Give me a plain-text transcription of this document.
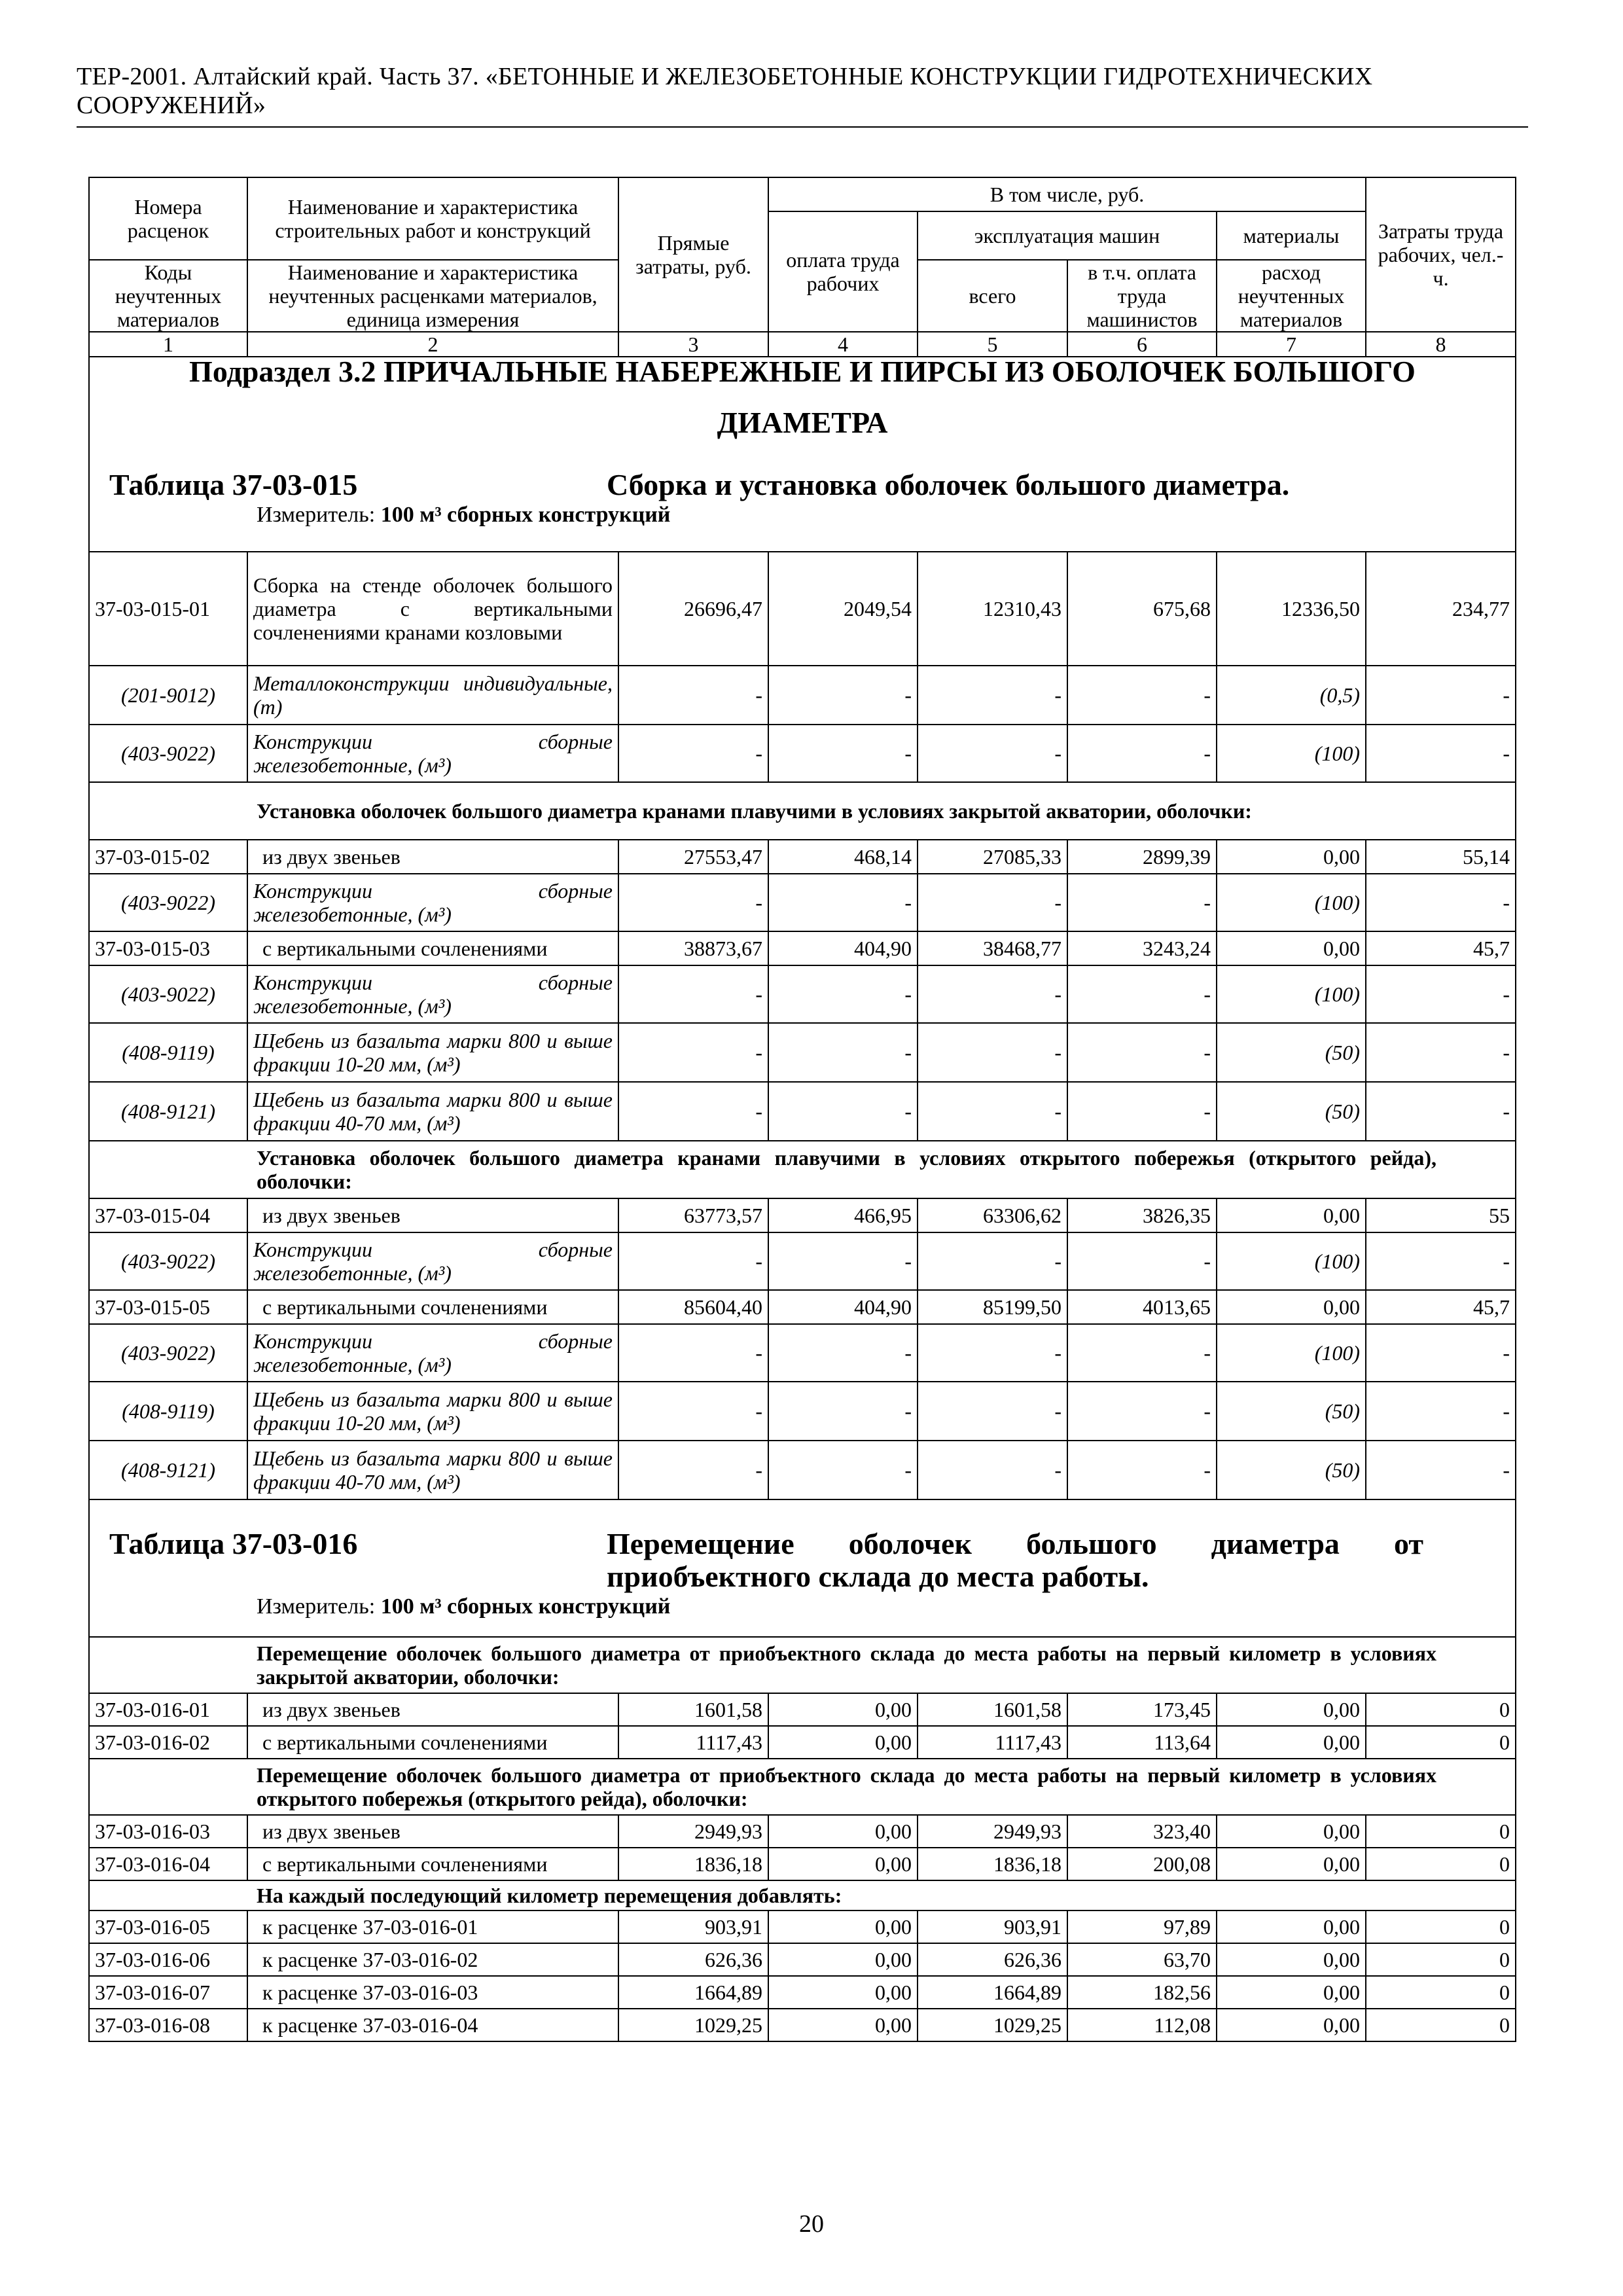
ТЕР-2001. Алтайский край. Часть 37. «БЕТОННЫЕ И ЖЕЛЕЗОБЕТОННЫЕ КОНСТРУКЦИИ ГИДРОТЕХНИЧЕСКИХ СООРУЖЕНИЙ»
Номера расценок	Наименование и характеристика строительных работ и конструкций	Прямые затраты, руб.	В том числе, руб.				Затраты труда рабочих, чел.-ч.
			оплата труда рабочих	эксплуатация машин		материалы	
Коды неучтенных материалов	Наименование и характеристика неучтенных расценками материалов, единица измерения			всего	в т.ч. оплата труда машинистов	расход неучтенных материалов	
1	2	3	4	5	6	7	8

Подраздел 3.2 ПРИЧАЛЬНЫЕ НАБЕРЕЖНЫЕ И ПИРСЫ ИЗ ОБОЛОЧЕК БОЛЬШОГО
ДИАМЕТРА
Таблица 37-03-015 Сборка и установка оболочек большого диаметра.
Измеритель: 100 м³ сборных конструкций							

37-03-015-01	Сборка на стенде оболочек большого диаметра с вертикальными сочленениями кранами козловыми	26696,47	2049,54	12310,43	675,68	12336,50	234,77
(201-9012)	Металлоконструкции индивидуальные, (т)	-	-	-	-	(0,5)	-
(403-9022)	Конструкции сборные железобетонные, (м³)	-	-	-	-	(100)	-
Установка оболочек большого диаметра кранами плавучими в условиях закрытой акватории, оболочки:							
37-03-015-02	из двух звеньев	27553,47	468,14	27085,33	2899,39	0,00	55,14
(403-9022)	Конструкции сборные железобетонные, (м³)	-	-	-	-	(100)	-
37-03-015-03	с вертикальными сочленениями	38873,67	404,90	38468,77	3243,24	0,00	45,7
(403-9022)	Конструкции сборные железобетонные, (м³)	-	-	-	-	(100)	-
(408-9119)	Щебень из базальта марки 800 и выше фракции 10-20 мм, (м³)	-	-	-	-	(50)	-
(408-9121)	Щебень из базальта марки 800 и выше фракции 40-70 мм, (м³)	-	-	-	-	(50)	-
Установка оболочек большого диаметра кранами плавучими в условиях открытого побережья (открытого рейда), оболочки:							
37-03-015-04	из двух звеньев	63773,57	466,95	63306,62	3826,35	0,00	55
(403-9022)	Конструкции сборные железобетонные, (м³)	-	-	-	-	(100)	-
37-03-015-05	с вертикальными сочленениями	85604,40	404,90	85199,50	4013,65	0,00	45,7
(403-9022)	Конструкции сборные железобетонные, (м³)	-	-	-	-	(100)	-
(408-9119)	Щебень из базальта марки 800 и выше фракции 10-20 мм, (м³)	-	-	-	-	(50)	-
(408-9121)	Щебень из базальта марки 800 и выше фракции 40-70 мм, (м³)	-	-	-	-	(50)	-

Таблица 37-03-016 Перемещение оболочек большого диаметра от приобъектного склада до места работы.
Измеритель: 100 м³ сборных конструкций							

Перемещение оболочек большого диаметра от приобъектного склада до места работы на первый километр в условиях закрытой акватории, оболочки:							
37-03-016-01	из двух звеньев	1601,58	0,00	1601,58	173,45	0,00	0
37-03-016-02	с вертикальными сочленениями	1117,43	0,00	1117,43	113,64	0,00	0
Перемещение оболочек большого диаметра от приобъектного склада до места работы на первый километр в условиях открытого побережья (открытого рейда), оболочки:							
37-03-016-03	из двух звеньев	2949,93	0,00	2949,93	323,40	0,00	0
37-03-016-04	с вертикальными сочленениями	1836,18	0,00	1836,18	200,08	0,00	0
На каждый последующий километр перемещения добавлять:							
37-03-016-05	к расценке 37-03-016-01	903,91	0,00	903,91	97,89	0,00	0
37-03-016-06	к расценке 37-03-016-02	626,36	0,00	626,36	63,70	0,00	0
37-03-016-07	к расценке 37-03-016-03	1664,89	0,00	1664,89	182,56	0,00	0
37-03-016-08	к расценке 37-03-016-04	1029,25	0,00	1029,25	112,08	0,00	0
20
